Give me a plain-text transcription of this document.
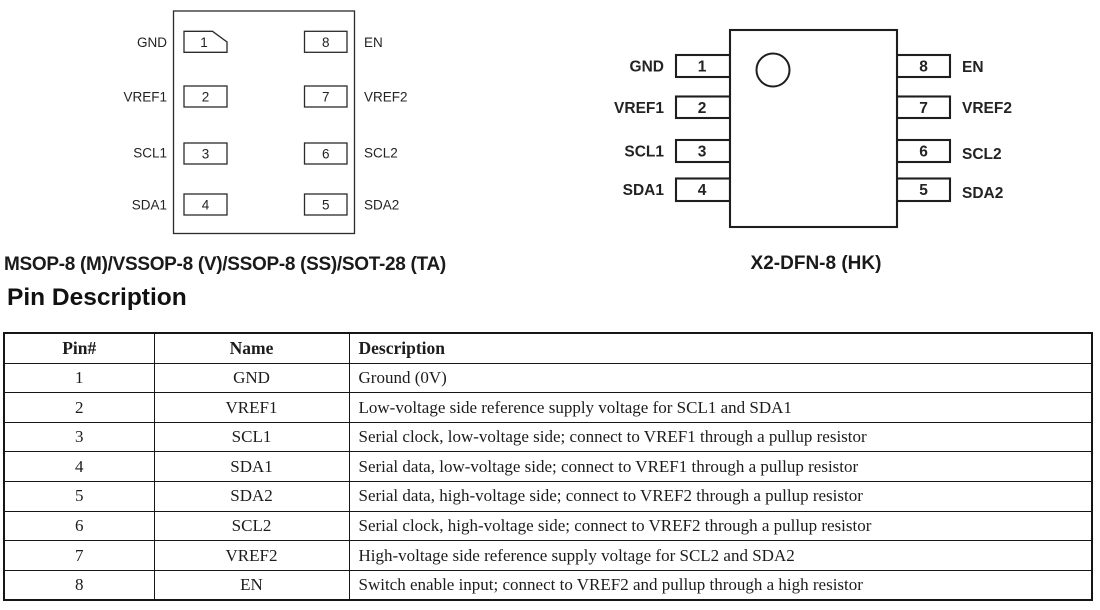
1
2
3
4
8
7
6
5
GND
VREF1
SCL1
SDA1
EN
VREF2
SCL2
SDA2
1
2
3
4
8
7
6
5
GND
VREF1
SCL1
SDA1
EN
VREF2
SCL2
SDA2
MSOP-8 (M)/VSSOP-8 (V)/SSOP-8 (SS)/SOT-28 (TA)	X2-DFN-8 (HK)
Pin Description
Pin#	Name	Description
1	GND	Ground (0V)
2	VREF1	Low-voltage side reference supply voltage for SCL1 and SDA1
3	SCL1	Serial clock, low-voltage side; connect to VREF1 through a pullup resistor
4	SDA1	Serial data, low-voltage side; connect to VREF1 through a pullup resistor
5	SDA2	Serial data, high-voltage side; connect to VREF2 through a pullup resistor
6	SCL2	Serial clock, high-voltage side; connect to VREF2 through a pullup resistor
7	VREF2	High-voltage side reference supply voltage for SCL2 and SDA2
8	EN	Switch enable input; connect to VREF2 and pullup through a high resistor
